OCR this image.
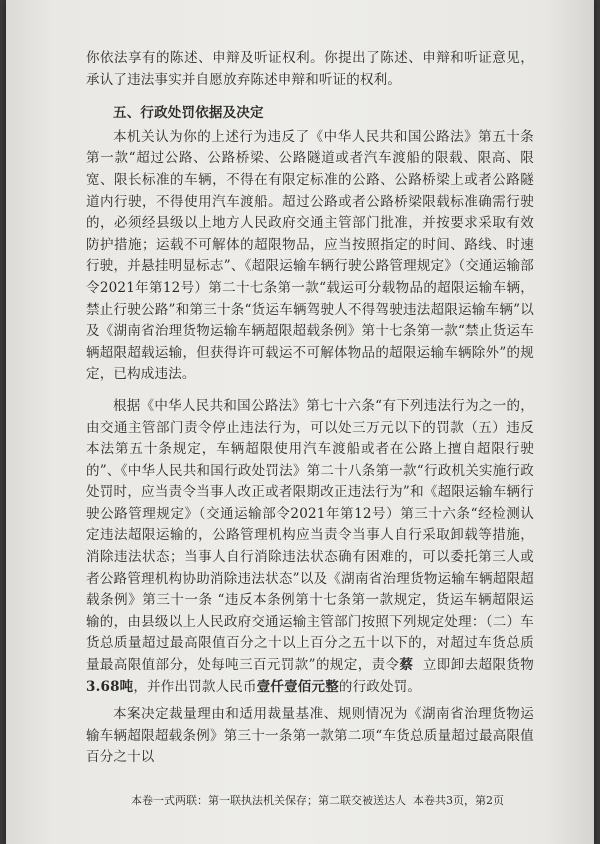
你依法享有的陈述、申辩及听证权利。你提出了陈述、申辩和听证意见，承认了违法事实并自愿放弃陈述申辩和听证的权利。

五、行政处罚依据及决定

本机关认为你的上述行为违反了《中华人民共和国公路法》第五十条第一款“超过公路、公路桥梁、公路隧道或者汽车渡船的限载、限高、限宽、限长标准的车辆，不得在有限定标准的公路、公路桥梁上或者公路隧道内行驶，不得使用汽车渡船。超过公路或者公路桥梁限载标准确需行驶的，必须经县级以上地方人民政府交通主管部门批准，并按要求采取有效防护措施；运载不可解体的超限物品，应当按照指定的时间、路线、时速行驶，并悬挂明显标志”、《超限运输车辆行驶公路管理规定》（交通运输部令2021年第12号）第二十七条第一款“载运可分载物品的超限运输车辆，禁止行驶公路”和第三十条“货运车辆驾驶人不得驾驶违法超限运输车辆”以及《湖南省治理货物运输车辆超限超载条例》第十七条第一款“禁止货运车辆超限超载运输，但获得许可载运不可解体物品的超限运输车辆除外”的规定，已构成违法。

根据《中华人民共和国公路法》第七十六条“有下列违法行为之一的，由交通主管部门责令停止违法行为，可以处三万元以下的罚款（五）违反本法第五十条规定，车辆超限使用汽车渡船或者在公路上擅自超限行驶的”、《中华人民共和国行政处罚法》第二十八条第一款“行政机关实施行政处罚时，应当责令当事人改正或者限期改正违法行为”和《超限运输车辆行驶公路管理规定》（交通运输部令2021年第12号）第三十六条“经检测认定违法超限运输的，公路管理机构应当责令当事人自行采取卸载等措施，消除违法状态；当事人自行消除违法状态确有困难的，可以委托第三人或者公路管理机构协助消除违法状态”以及《湖南省治理货物运输车辆超限超载条例》第三十一条 “违反本条例第十七条第一款规定，货运车辆超限运输的，由县级以上人民政府交通运输主管部门按照下列规定处理：（二）车货总质量超过最高限值百分之十以上百分之五十以下的，对超过车货总质量最高限值部分，处每吨三百元罚款”的规定，责令蔡 立即卸去超限货物3.68吨，并作出罚款人民币壹仟壹佰元整的行政处罚。

本案决定裁量理由和适用裁量基准、规则情况为《湖南省治理货物运输车辆超限超载条例》第三十一条第一款第二项“车货总质量超过最高限值百分之十以

本卷一式两联：第一联执法机关保存；第二联交被送达人 本卷共3页，第2页
